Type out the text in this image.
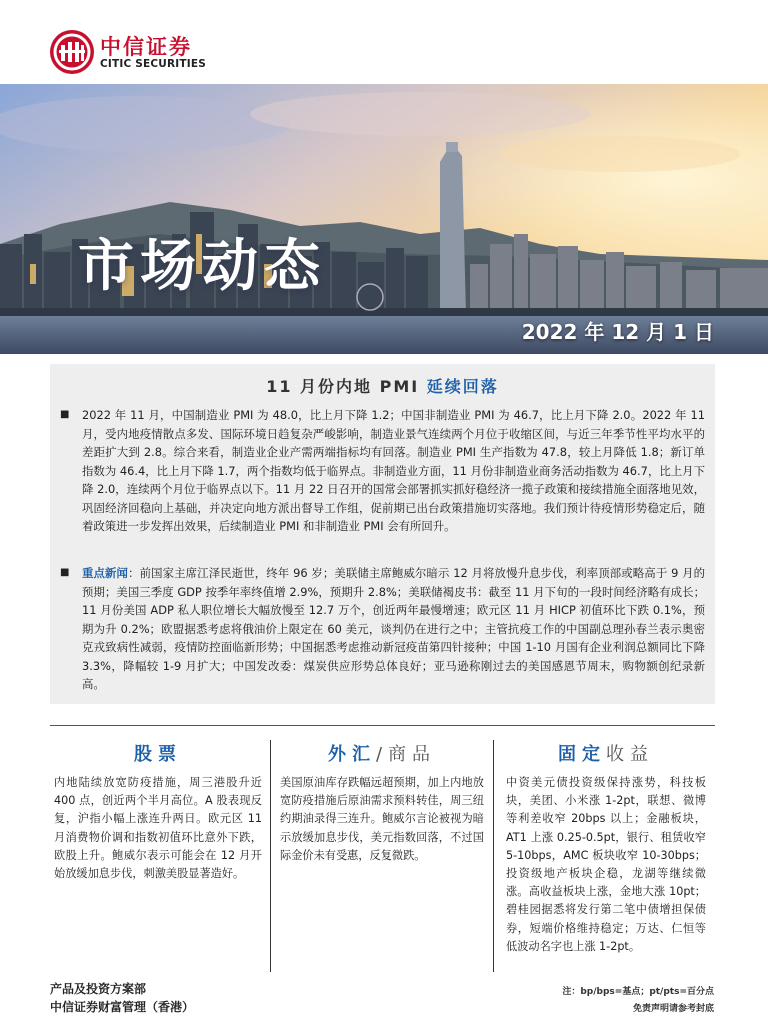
中信证券
CITIC SECURITIES
市场动态
2022 年 12 月 1 日
11 月份内地 PMI 延续回落
■	2022 年 11 月，中国制造业 PMI 为 48.0，比上月下降 1.2；中国非制造业 PMI 为 46.7，比上月下降 2.0。2022 年 11 月，受内地疫情散点多发、国际环境日趋复杂严峻影响，制造业景气连续两个月位于收缩区间，与近三年季节性平均水平的差距扩大到 2.8。综合来看，制造业企业产需两端指标均有回落。制造业 PMI 生产指数为 47.8，较上月降低 1.8；新订单指数为 46.4，比上月下降 1.7，两个指数均低于临界点。非制造业方面，11 月份非制造业商务活动指数为 46.7，比上月下降 2.0，连续两个月位于临界点以下。11 月 22 日召开的国常会部署抓实抓好稳经济一揽子政策和接续措施全面落地见效，巩固经济回稳向上基础，并决定向地方派出督导工作组，促前期已出台政策措施切实落地。我们预计待疫情形势稳定后，随着政策进一步发挥出效果，后续制造业 PMI 和非制造业 PMI 会有所回升。
■	重点新闻：前国家主席江泽民逝世，终年 96 岁；美联储主席鲍威尔暗示 12 月将放慢升息步伐，利率顶部或略高于 9 月的预期；美国三季度 GDP 按季年率终值增 2.9%，预期升 2.8%；美联储褐皮书：截至 11 月下旬的一段时间经济略有成长；11 月份美国 ADP 私人职位增长大幅放慢至 12.7 万个，创近两年最慢增速；欧元区 11 月 HICP 初值环比下跌 0.1%，预期为升 0.2%；欧盟据悉考虑将俄油价上限定在 60 美元，谈判仍在进行之中；主管抗疫工作的中国副总理孙春兰表示奥密克戎致病性减弱，疫情防控面临新形势；中国据悉考虑推动新冠疫苗第四针接种；中国 1-10 月国有企业利润总额同比下降 3.3%，降幅较 1-9 月扩大；中国发改委：煤炭供应形势总体良好；亚马逊称刚过去的美国感恩节周末，购物额创纪录新高。
股票
内地陆续放宽防疫措施，周三港股升近 400 点，创近两个半月高位。A 股表现反复，沪指小幅上涨连升两日。欧元区 11 月消费物价调和指数初值环比意外下跌，欧股上升。鲍威尔表示可能会在 12 月开始放缓加息步伐，刺激美股显著造好。
外汇/商品
美国原油库存跌幅远超预期，加上内地放宽防疫措施后原油需求预料转佳，周三纽约期油录得三连升。鲍威尔言论被视为暗示放缓加息步伐，美元指数回落，不过国际金价未有受惠，反复微跌。
固定收益
中资美元债投资级保持涨势，科技板块，美团、小米涨 1-2pt，联想、微博等利差收窄 20bps 以上；金融板块，AT1 上涨 0.25-0.5pt，银行、租赁收窄 5-10bps，AMC 板块收窄 10-30bps；投资级地产板块企稳，龙湖等继续微涨。高收益板块上涨，金地大涨 10pt；碧桂园据悉将发行第二笔中债增担保债券，短端价格维持稳定；万达、仁恒等低波动名字也上涨 1-2pt。
产品及投资方案部
中信证券财富管理（香港）
注：bp/bps=基点；pt/pts=百分点
免责声明请参考封底
